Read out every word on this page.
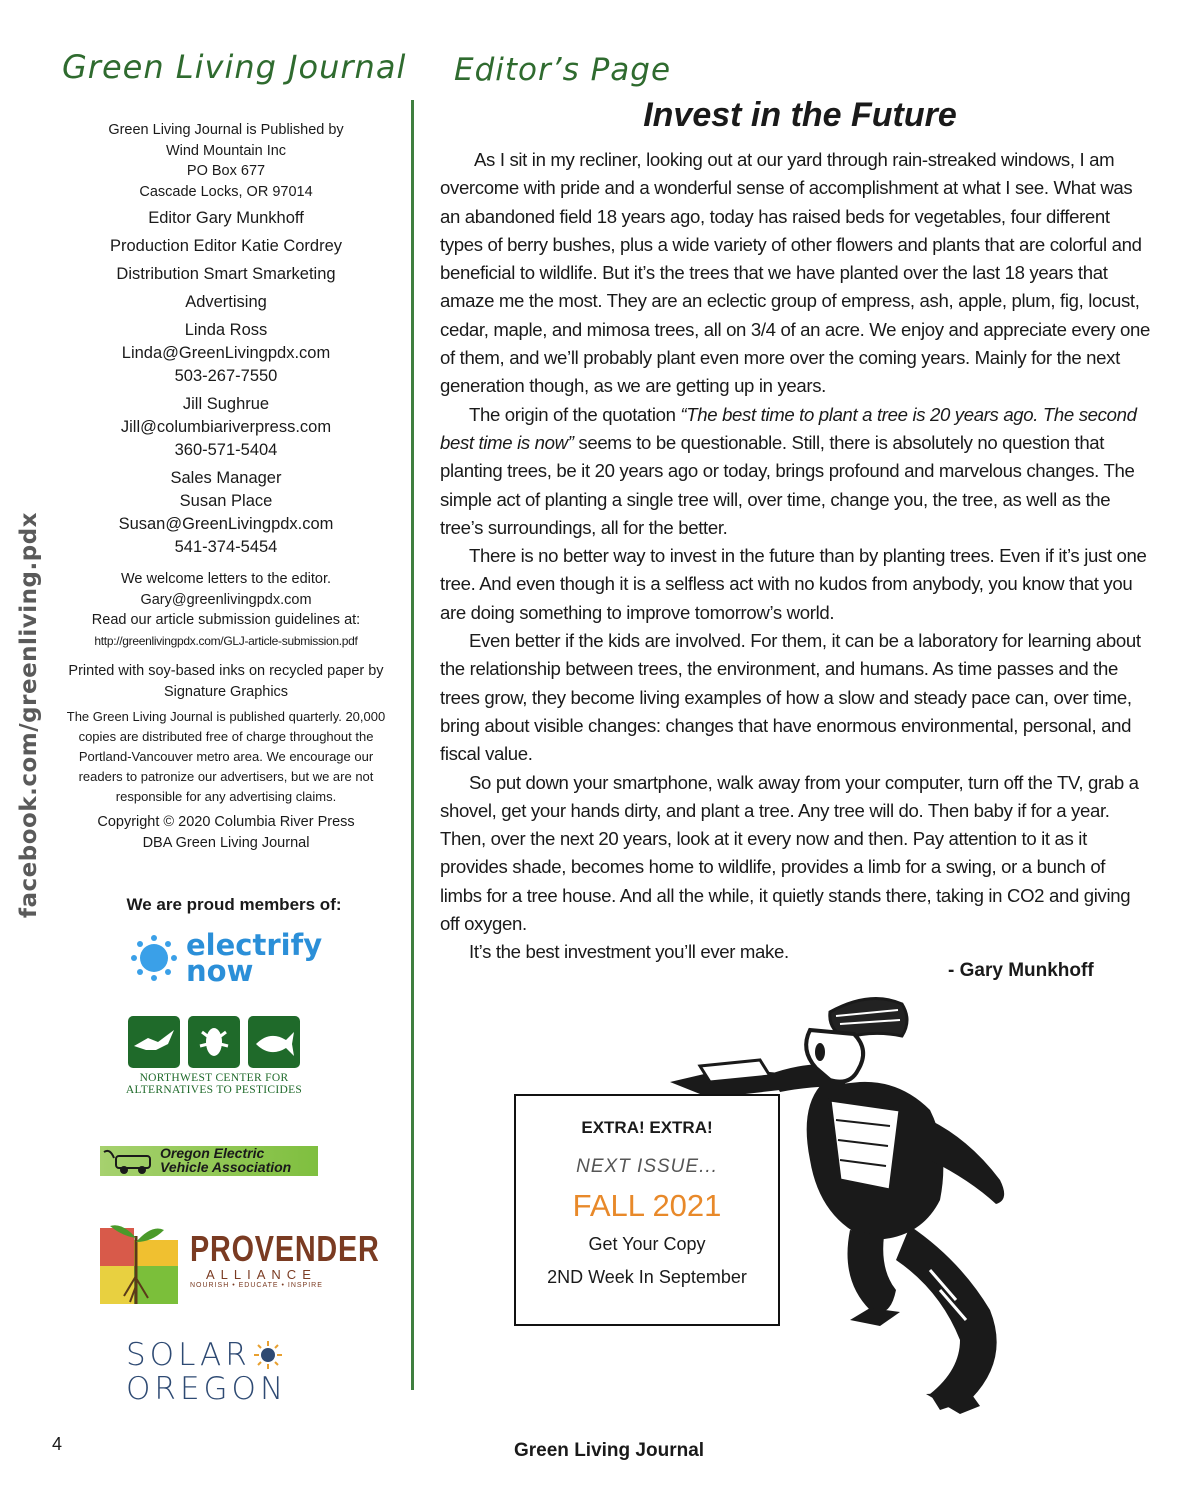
Green Living Journal Editor’s Page
facebook.com/greenliving.pdx
Green Living Journal is Published by
Wind Mountain Inc
PO Box 677
Cascade Locks, OR 97014
Editor Gary Munkhoff
Production Editor Katie Cordrey
Distribution Smart Smarketing
Advertising
Linda Ross
Linda@GreenLivingpdx.com
503-267-7550
Jill Sughrue
Jill@columbiariverpress.com
360-571-5404
Sales Manager
Susan Place
Susan@GreenLivingpdx.com
541-374-5454
We welcome letters to the editor.
Gary@greenlivingpdx.com
Read our article submission guidelines at:
http://greenlivingpdx.com/GLJ-article-submission.pdf
Printed with soy-based inks on recycled paper by
Signature Graphics
The Green Living Journal is published quarterly. 20,000
copies are distributed free of charge throughout the
Portland-Vancouver metro area. We encourage our
readers to patronize our advertisers, but we are not
responsible for any advertising claims.
Copyright © 2020 Columbia River Press
DBA Green Living Journal
We are proud members of:
electrify
now
NORTHWEST CENTER FOR
ALTERNATIVES TO PESTICIDES
Oregon Electric
Vehicle Association
PROVENDER
ALLIANCE
NOURISH • EDUCATE • INSPIRE
SOLAR
OREGON
Invest in the Future

As I sit in my recliner, looking out at our yard through rain-streaked windows, I am overcome with pride and a wonderful sense of accomplishment at what I see. What was an abandoned field 18 years ago, today has raised beds for vegetables, four different types of berry bushes, plus a wide variety of other flowers and plants that are colorful and beneficial to wildlife. But it’s the trees that we have planted over the last 18 years that amaze me the most. They are an eclectic group of empress, ash, apple, plum, fig, locust, cedar, maple, and mimosa trees, all on 3/4 of an acre. We enjoy and appreciate every one of them, and we’ll probably plant even more over the coming years. Mainly for the next generation though, as we are getting up in years.

The origin of the quotation “The best time to plant a tree is 20 years ago. The second best time is now” seems to be questionable. Still, there is absolutely no question that planting trees, be it 20 years ago or today, brings profound and marvelous changes. The simple act of planting a single tree will, over time, change you, the tree, as well as the tree’s surroundings, all for the better.

There is no better way to invest in the future than by planting trees. Even if it’s just one tree. And even though it is a selfless act with no kudos from anybody, you know that you are doing something to improve tomorrow’s world.

Even better if the kids are involved. For them, it can be a laboratory for learning about the relationship between trees, the environment, and humans. As time passes and the trees grow, they become living examples of how a slow and steady pace can, over time, bring about visible changes: changes that have enormous environmental, personal, and fiscal value.

So put down your smartphone, walk away from your computer, turn off the TV, grab a shovel, get your hands dirty, and plant a tree. Any tree will do. Then baby if for a year. Then, over the next 20 years, look at it every now and then. Pay attention to it as it provides shade, becomes home to wildlife, provides a limb for a swing, or a bunch of limbs for a tree house. And all the while, it quietly stands there, taking in CO2 and giving off oxygen.

It’s the best investment you’ll ever make.

- Gary Munkhoff
EXTRA! EXTRA!
NEXT ISSUE...
FALL 2021
Get Your Copy
2ND Week In September
4	Green Living Journal
